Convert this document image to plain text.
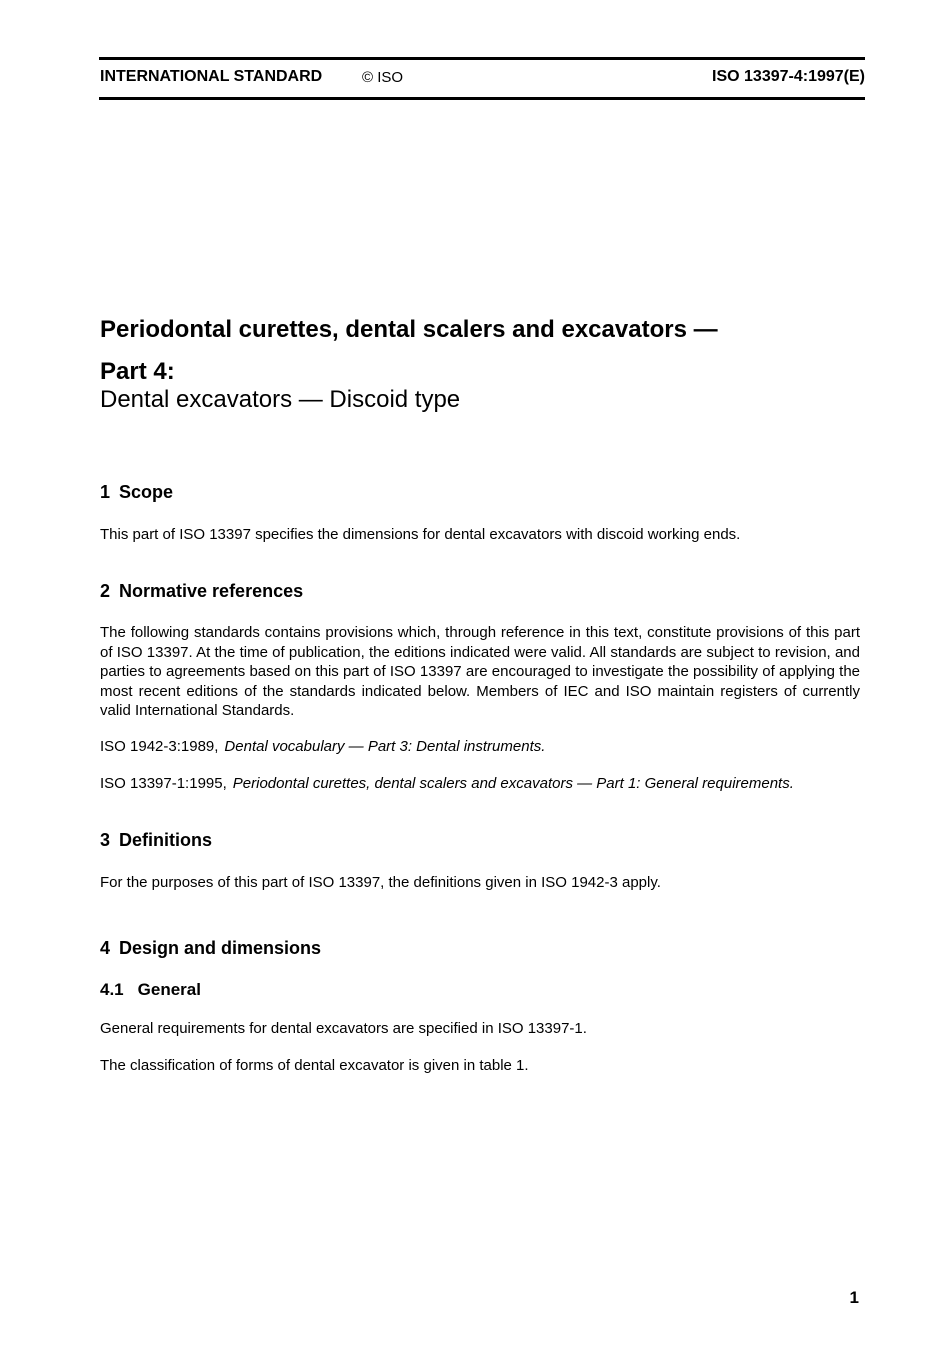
INTERNATIONAL STANDARD	© ISO	ISO 13397-4:1997(E)
Periodontal curettes, dental scalers and excavators —
Part 4:
Dental excavators — Discoid type
1 Scope
This part of ISO 13397 specifies the dimensions for dental excavators with discoid working ends.
2 Normative references
The following standards contains provisions which, through reference in this text, constitute provisions of this part of ISO 13397. At the time of publication, the editions indicated were valid. All standards are subject to revision, and parties to agreements based on this part of ISO 13397 are encouraged to investigate the possibility of applying the most recent editions of the standards indicated below. Members of IEC and ISO maintain registers of currently valid International Standards.
ISO 1942-3:1989, Dental vocabulary — Part 3: Dental instruments.
ISO 13397-1:1995, Periodontal curettes, dental scalers and excavators — Part 1: General requirements.
3 Definitions
For the purposes of this part of ISO 13397, the definitions given in ISO 1942-3 apply.
4 Design and dimensions
4.1 General
General requirements for dental excavators are specified in ISO 13397-1.
The classification of forms of dental excavator is given in table 1.
1
